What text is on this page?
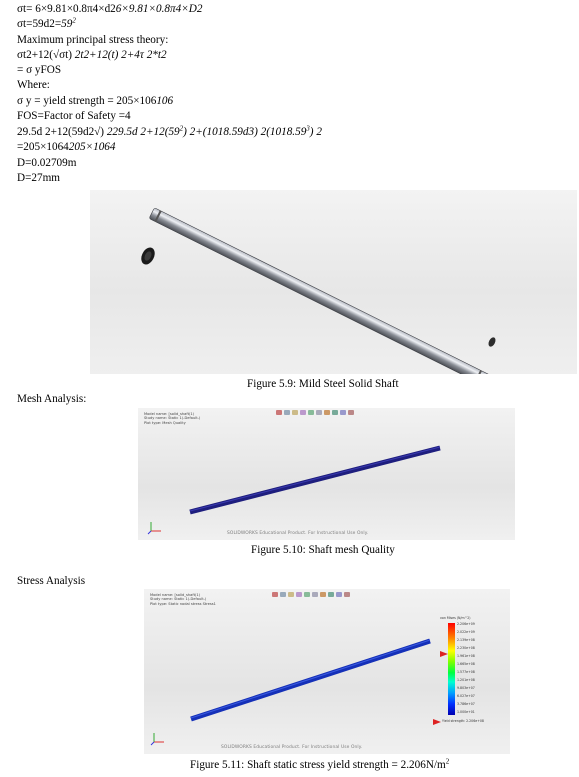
σt= 6×9.81×0.8π4×d26×9.81×0.8π4×D2
$\sigma t=59d2=59^2$
Maximum principal stress theory:
σt2+12(√σt) 2t2+12(t) 2+4τ 2*t2
= σ yFOS
Where:
σ y = yield strength = 205×106106
FOS=Factor of Safety =4
29.5d 2+12(59d2√) 229.5d $2+12(59^2)$ 2+(1018.59d3) 2(1018.59$^3$) 2
=205×1064205×1064
D=0.02709m
D=27mm
Figure 5.9: Mild Steel Solid Shaft
Mesh Analysis:
Model name: [solid_shaft(1)
Study name: Static 1(-Default-)
Plot type: Mesh Quality
SOLIDWORKS Educational Product. For Instructional Use Only.
Figure 5.10: Shaft mesh Quality
Stress Analysis
Model name: [solid_shaft(1)
Study name: Static 1(-Default-)
Plot type: Static nodal stress Stress1
von Mises (N/m^2)
2.206e+09
2.022e+09
2.139e+08
2.230e+08
1.961e+08
1.665e+08
1.577e+08
1.201e+08
9.803e+07
6.027e+07
3.786e+07
1.000e+01
Yield strength: 2.206e+08
SOLIDWORKS Educational Product. For Instructional Use Only.
Figure 5.11: Shaft static stress yield strength = $2.206N/m^2$
